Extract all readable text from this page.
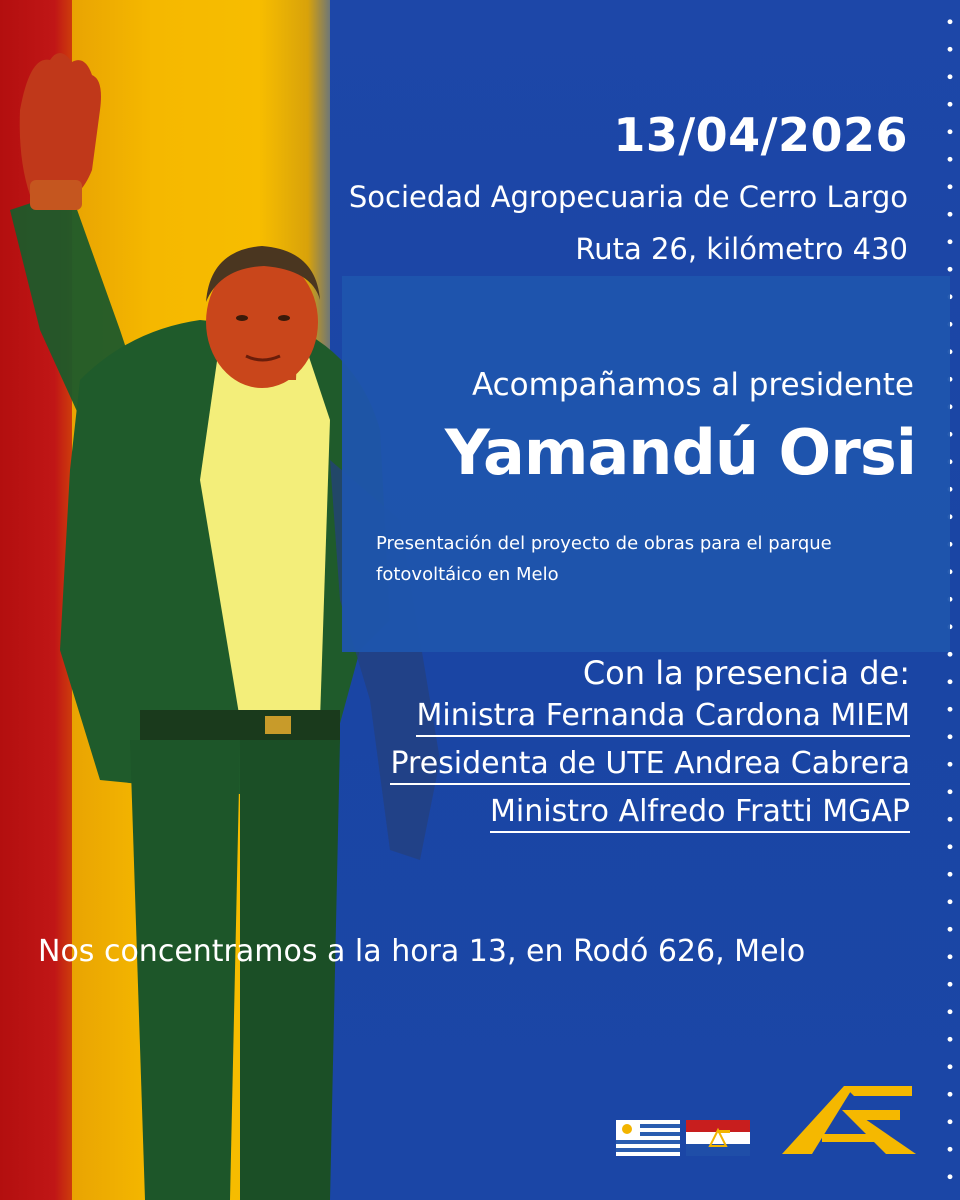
13/04/2026
Sociedad Agropecuaria de Cerro Largo
Ruta 26, kilómetro 430
Acompañamos al presidente
Yamandú Orsi
Presentación del proyecto de obras para el parque fotovoltáico en Melo
Con la presencia de:
Ministra Fernanda Cardona MIEM
Presidenta de UTE Andrea Cabrera
Ministro Alfredo Fratti MGAP
Nos concentramos a la hora 13, en Rodó 626, Melo
